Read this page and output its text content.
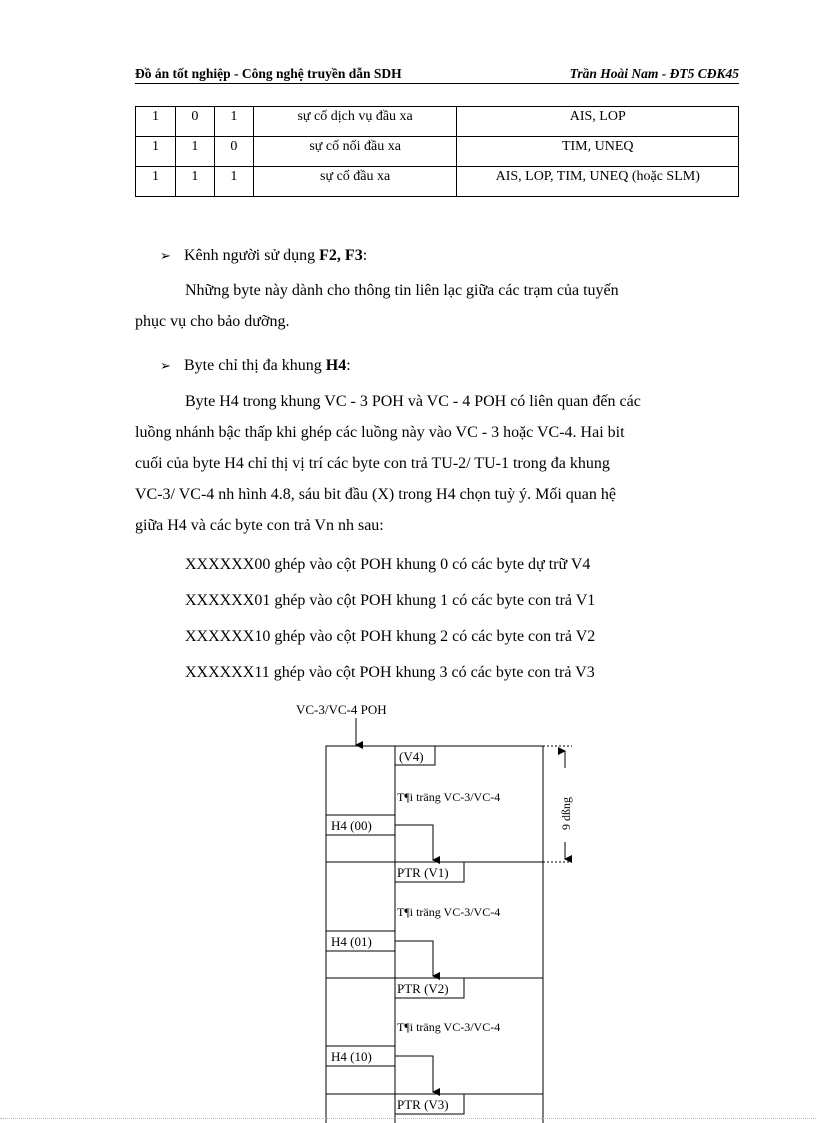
Đồ án tốt nghiệp - Công nghệ truyền dẫn SDH	Trần Hoài Nam - ĐT5 CĐK45
1	0	1	sự cố dịch vụ đầu xa	AIS, LOP
1	1	0	sự cố nối đầu xa	TIM, UNEQ
1	1	1	sự cố đầu xa	AIS, LOP, TIM, UNEQ (hoặc SLM)
➢ Kênh người sử dụng F2, F3:
Những byte này dành cho thông tin liên lạc giữa các trạm của tuyến
phục vụ cho bảo dưỡng.
➢ Byte chỉ thị đa khung H4:
Byte H4 trong khung VC - 3 POH và VC - 4 POH có liên quan đến các
luồng nhánh bậc thấp khi ghép các luồng này vào VC - 3 hoặc VC-4. Hai bit
cuối của byte H4 chỉ thị vị trí các byte con trả TU-2/ TU-1 trong đa khung
VC-3/ VC-4 nh hình 4.8, sáu bit đầu (X) trong H4 chọn tuỳ ý. Mối quan hệ
giữa H4 và các byte con trả Vn nh sau:
XXXXXX00 ghép vào cột POH khung 0 có các byte dự trữ V4
XXXXXX01 ghép vào cột POH khung 1 có các byte con trả V1
XXXXXX10 ghép vào cột POH khung 2 có các byte con trả V2
XXXXXX11 ghép vào cột POH khung 3 có các byte con trả V3
VC-3/VC-4 POH
9 dßng
(V4)
T¶i träng VC-3/VC-4
H4 (00)
PTR (V1)
T¶i träng VC-3/VC-4
H4 (01)
PTR (V2)
T¶i träng VC-3/VC-4
H4 (10)
PTR (V3)
